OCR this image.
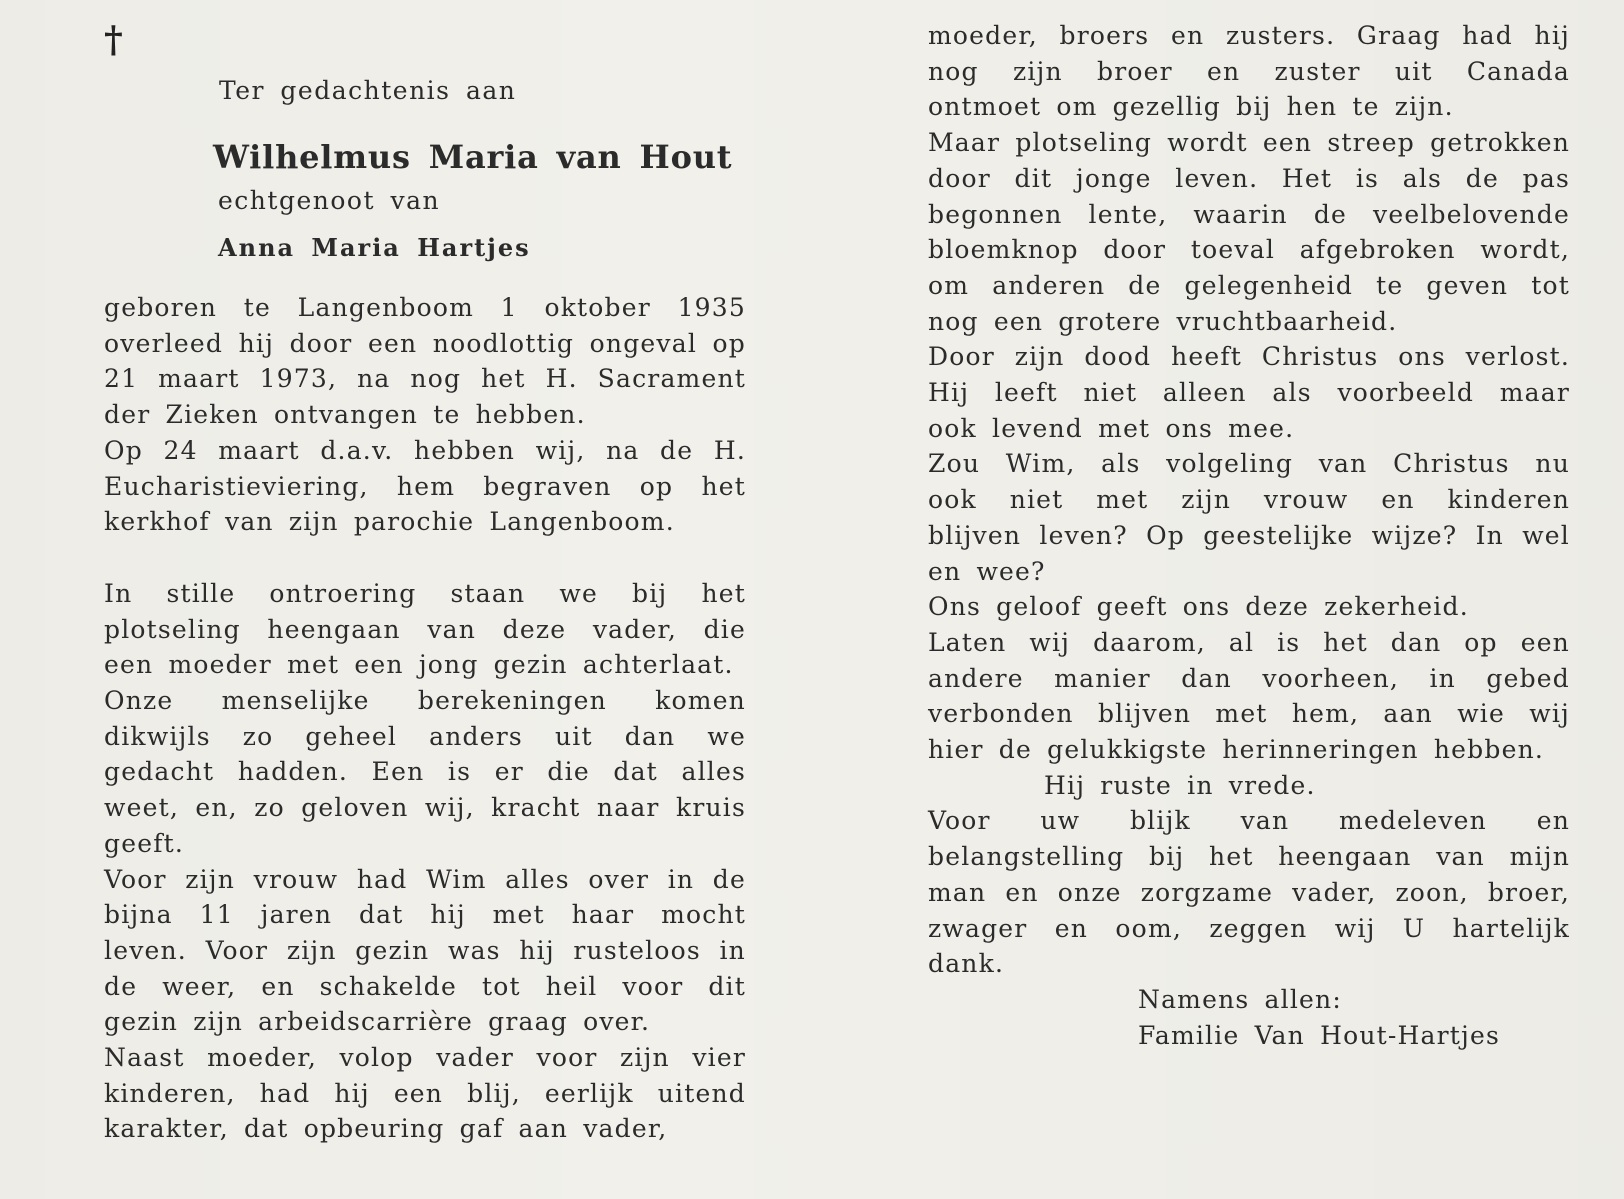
†
Ter gedachtenis aan
Wilhelmus Maria van Hout
echtgenoot van
Anna Maria Hartjes

geboren te Langenboom 1 oktober 1935 overleed hij door een noodlottig ongeval op 21 maart 1973, na nog het H. Sacrament der Zieken ontvangen te hebben.

Op 24 maart d.a.v. hebben wij, na de H. Eucharistieviering, hem begraven op het kerkhof van zijn parochie Langenboom.

In stille ontroering staan we bij het plotseling heengaan van deze vader, die een moeder met een jong gezin achterlaat.

Onze menselijke berekeningen komen dikwijls zo geheel anders uit dan we gedacht hadden. Een is er die dat alles weet, en, zo geloven wij, kracht naar kruis geeft.

Voor zijn vrouw had Wim alles over in de bijna 11 jaren dat hij met haar mocht leven. Voor zijn gezin was hij rusteloos in de weer, en schakelde tot heil voor dit gezin zijn arbeidscarrière graag over.

Naast moeder, volop vader voor zijn vier kinderen, had hij een blij, eerlijk uitend karakter, dat opbeuring gaf aan vader,

moeder, broers en zusters. Graag had hij nog zijn broer en zuster uit Canada ontmoet om gezellig bij hen te zijn.

Maar plotseling wordt een streep getrokken door dit jonge leven. Het is als de pas begonnen lente, waarin de veelbelovende bloemknop door toeval afgebroken wordt, om anderen de gelegenheid te geven tot nog een grotere vruchtbaarheid.

Door zijn dood heeft Christus ons verlost. Hij leeft niet alleen als voorbeeld maar ook levend met ons mee.

Zou Wim, als volgeling van Christus nu ook niet met zijn vrouw en kinderen blijven leven? Op geestelijke wijze? In wel en wee?

Ons geloof geeft ons deze zekerheid.

Laten wij daarom, al is het dan op een andere manier dan voorheen, in gebed verbonden blijven met hem, aan wie wij hier de gelukkigste herinneringen hebben.

Hij ruste in vrede.

Voor uw blijk van medeleven en belangstelling bij het heengaan van mijn man en onze zorgzame vader, zoon, broer, zwager en oom, zeggen wij U hartelijk dank.

Namens allen:

Familie Van Hout-Hartjes
